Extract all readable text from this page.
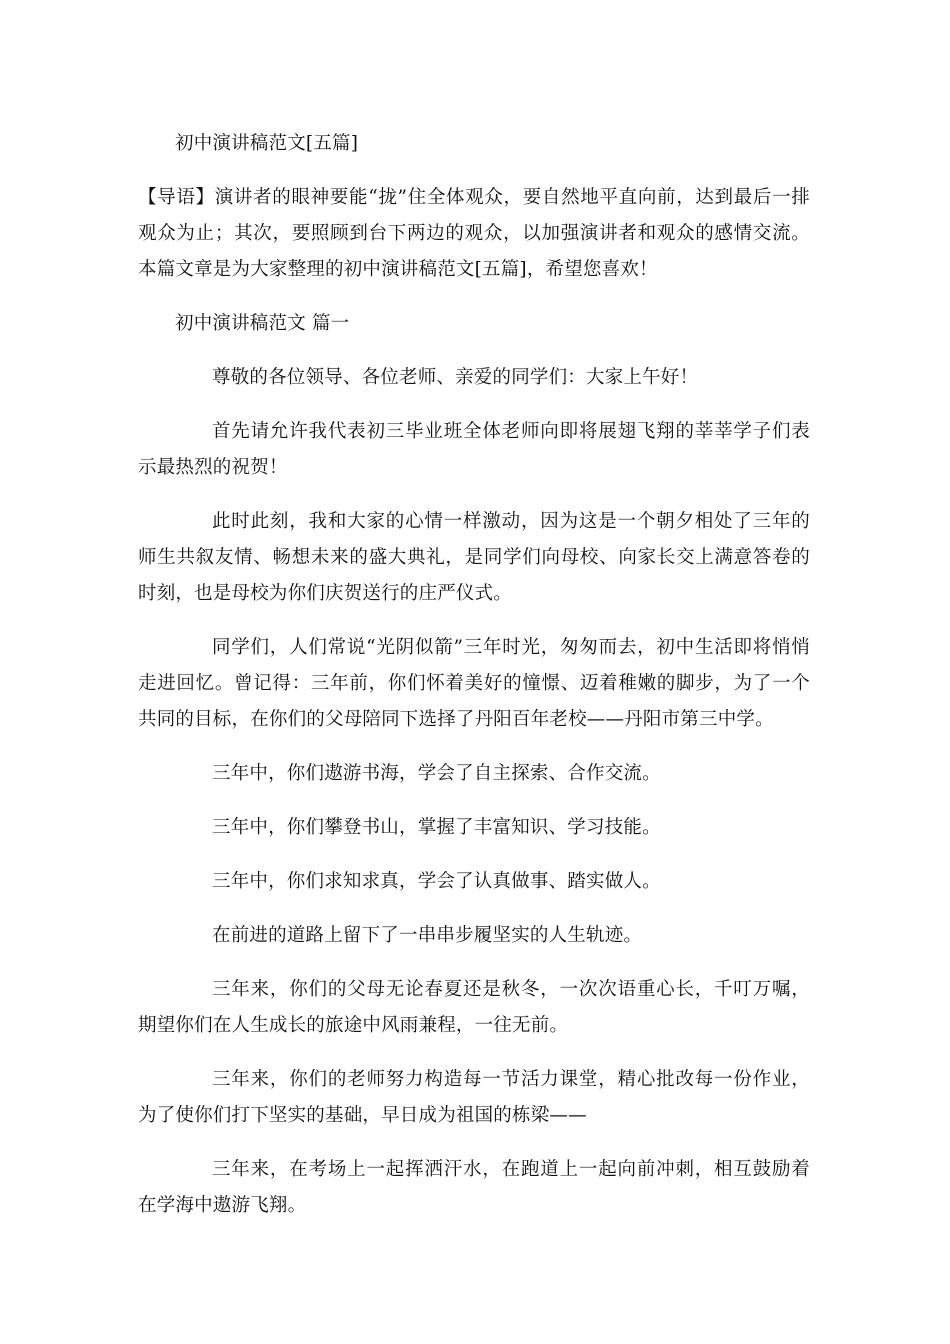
初中演讲稿范文[五篇]

【导语】演讲者的眼神要能“拢”住全体观众，要自然地平直向前，达到最后一排观众为止；其次，要照顾到台下两边的观众，以加强演讲者和观众的感情交流。本篇文章是为大家整理的初中演讲稿范文[五篇]，希望您喜欢！

初中演讲稿范文 篇一

尊敬的各位领导、各位老师、亲爱的同学们：大家上午好！

首先请允许我代表初三毕业班全体老师向即将展翅飞翔的莘莘学子们表示最热烈的祝贺！

此时此刻，我和大家的心情一样激动，因为这是一个朝夕相处了三年的师生共叙友情、畅想未来的盛大典礼，是同学们向母校、向家长交上满意答卷的时刻，也是母校为你们庆贺送行的庄严仪式。

同学们，人们常说“光阴似箭”三年时光，匆匆而去，初中生活即将悄悄走进回忆。曾记得：三年前，你们怀着美好的憧憬、迈着稚嫩的脚步，为了一个共同的目标，在你们的父母陪同下选择了丹阳百年老校——丹阳市第三中学。

三年中，你们遨游书海，学会了自主探索、合作交流。

三年中，你们攀登书山，掌握了丰富知识、学习技能。

三年中，你们求知求真，学会了认真做事、踏实做人。

在前进的道路上留下了一串串步履坚实的人生轨迹。

三年来，你们的父母无论春夏还是秋冬，一次次语重心长，千叮万嘱，期望你们在人生成长的旅途中风雨兼程，一往无前。

三年来，你们的老师努力构造每一节活力课堂，精心批改每一份作业，为了使你们打下坚实的基础，早日成为祖国的栋梁——

三年来，在考场上一起挥洒汗水，在跑道上一起向前冲刺，相互鼓励着在学海中遨游飞翔。
